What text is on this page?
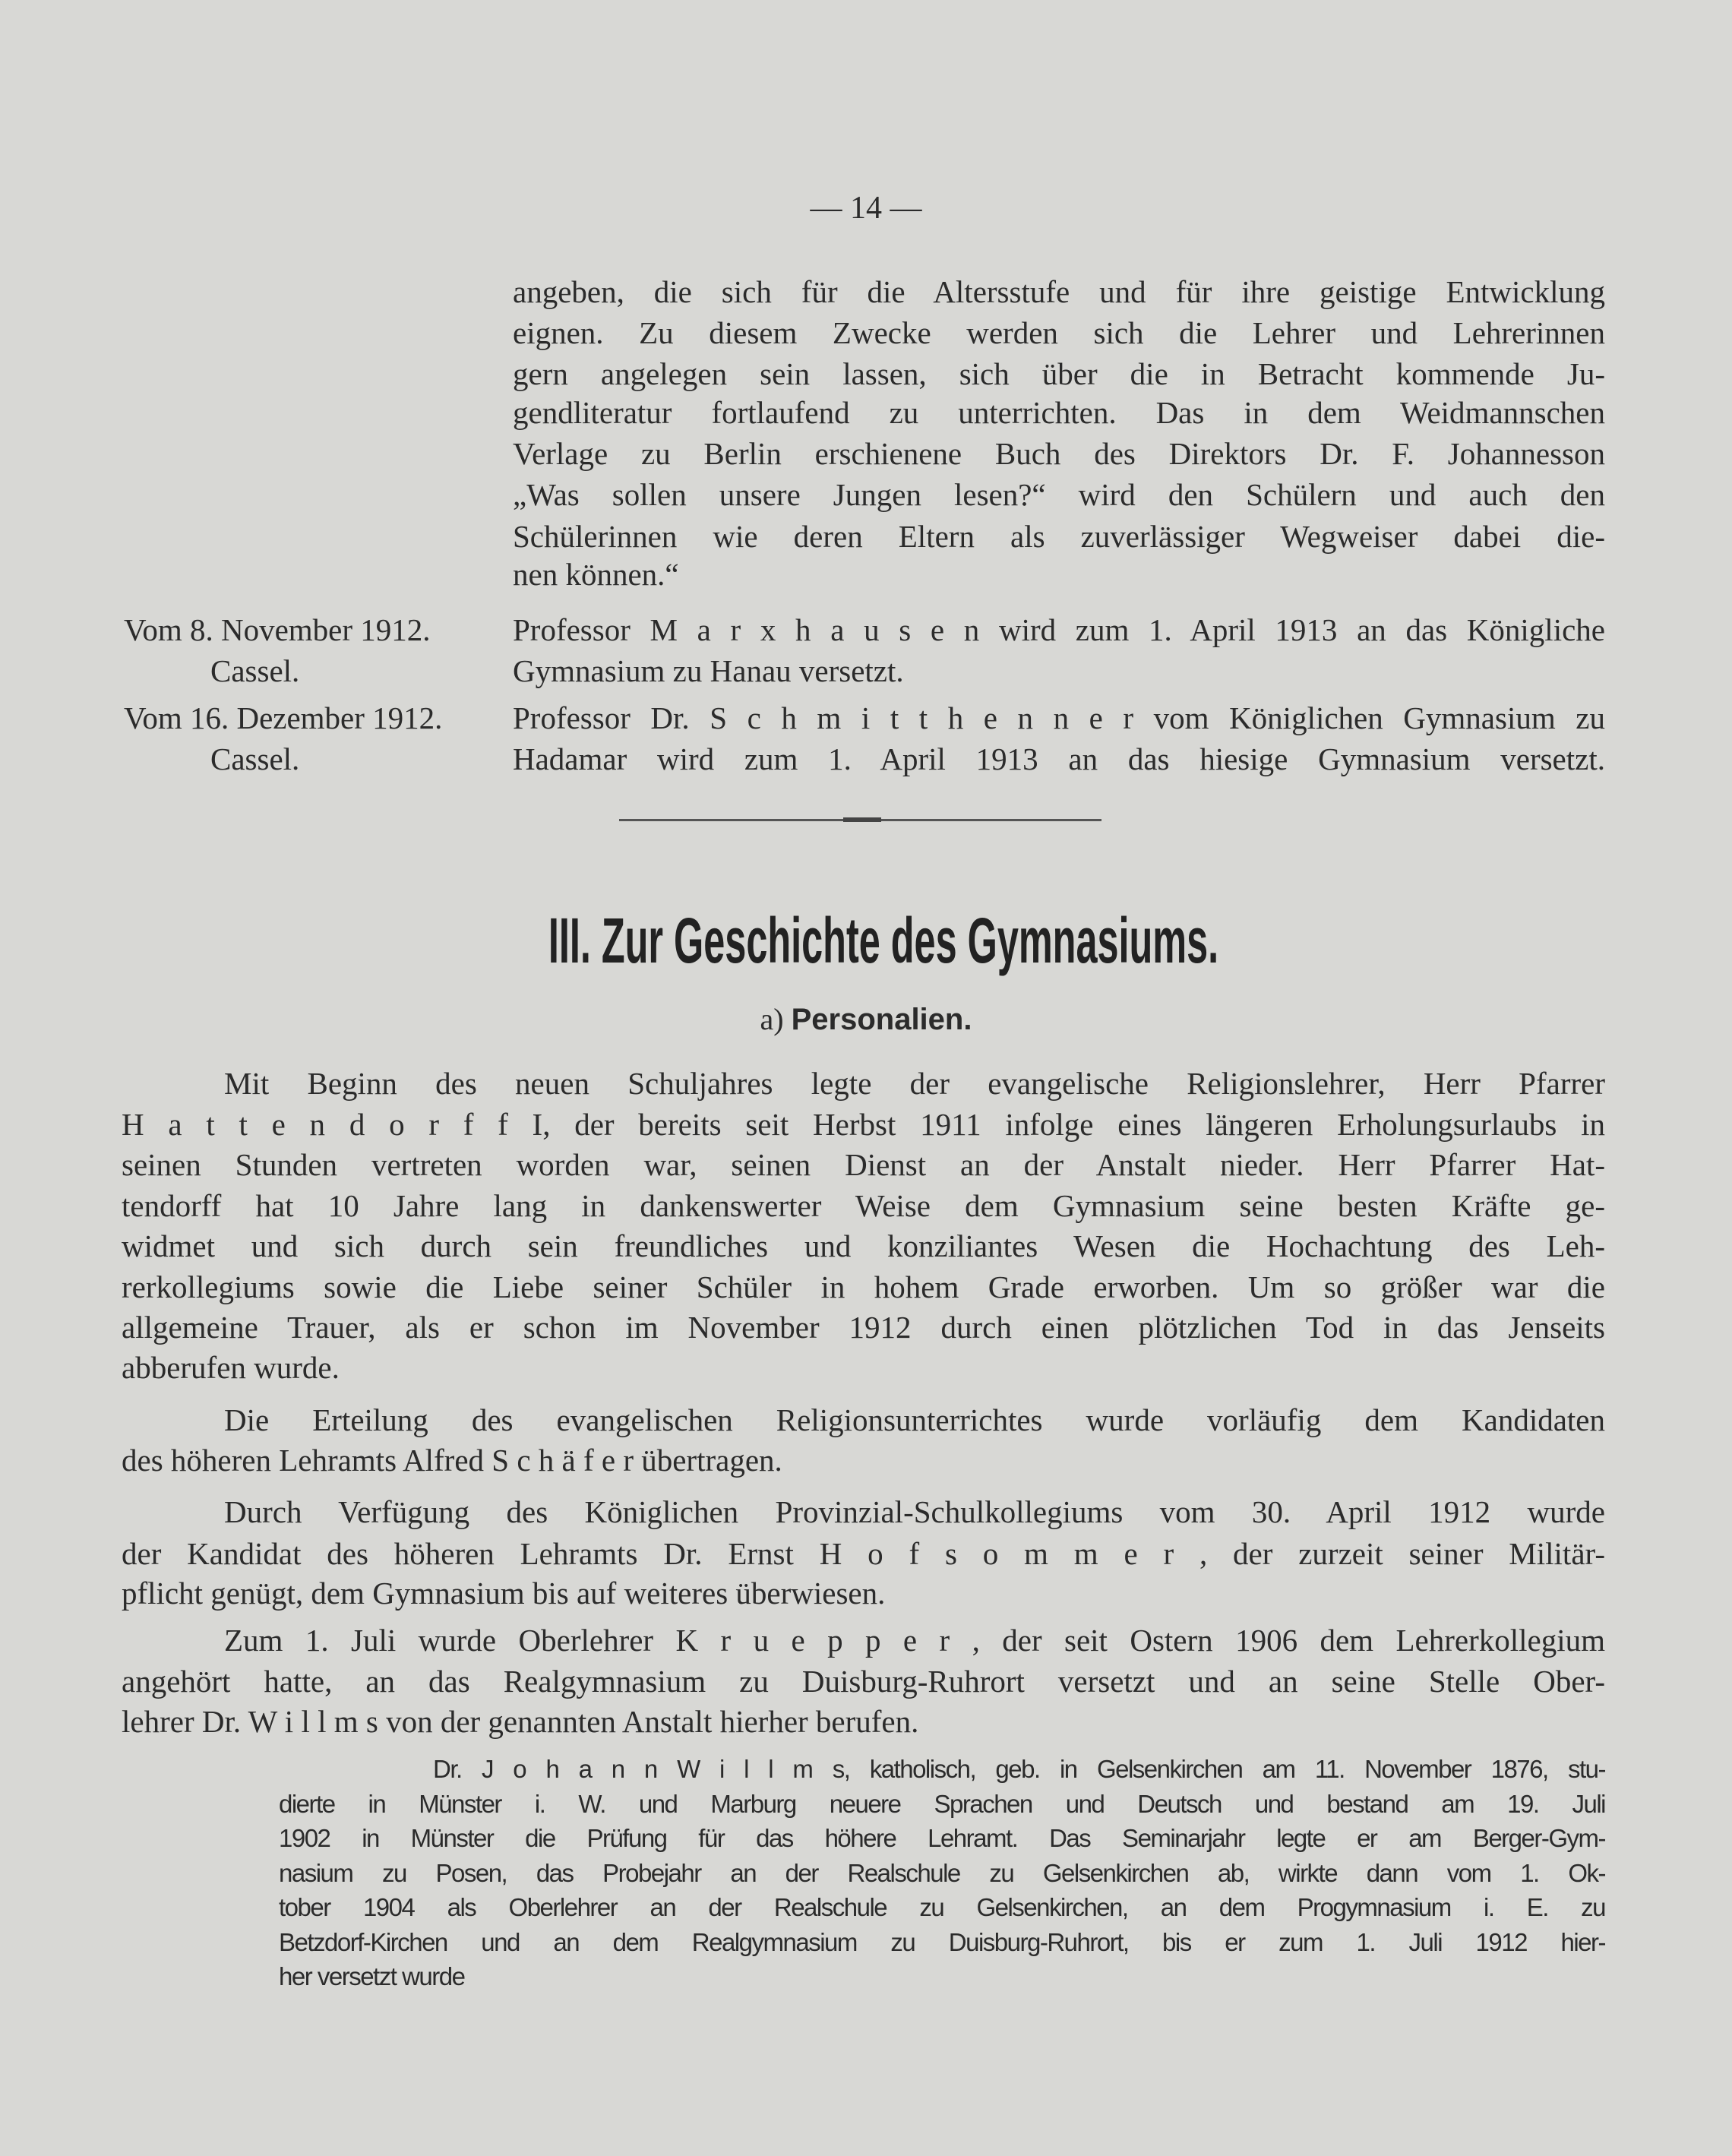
— 14 —
angeben, die sich für die Altersstufe und für ihre geistige Entwicklung
eignen. Zu diesem Zwecke werden sich die Lehrer und Lehrerinnen
gern angelegen sein lassen, sich über die in Betracht kommende Ju-
gendliteratur fortlaufend zu unterrichten. Das in dem Weidmannschen
Verlage zu Berlin erschienene Buch des Direktors Dr. F. Johannesson
„Was sollen unsere Jungen lesen?“ wird den Schülern und auch den
Schülerinnen wie deren Eltern als zuverlässiger Wegweiser dabei die-
nen können.“
Vom 8. November 1912.
Cassel.
Professor M a r x h a u s e n wird zum 1. April 1913 an das Königliche
Gymnasium zu Hanau versetzt.
Vom 16. Dezember 1912.
Cassel.
Professor Dr. S c h m i t t h e n n e r vom Königlichen Gymnasium zu
Hadamar wird zum 1. April 1913 an das hiesige Gymnasium versetzt.
Mit Beginn des neuen Schuljahres legte der evangelische Religionslehrer, Herr Pfarrer
H a t t e n d o r f f I, der bereits seit Herbst 1911 infolge eines längeren Erholungsurlaubs in
seinen Stunden vertreten worden war, seinen Dienst an der Anstalt nieder. Herr Pfarrer Hat-
tendorff hat 10 Jahre lang in dankenswerter Weise dem Gymnasium seine besten Kräfte ge-
widmet und sich durch sein freundliches und konziliantes Wesen die Hochachtung des Leh-
rerkollegiums sowie die Liebe seiner Schüler in hohem Grade erworben. Um so größer war die
allgemeine Trauer, als er schon im November 1912 durch einen plötzlichen Tod in das Jenseits
abberufen wurde.
Die Erteilung des evangelischen Religionsunterrichtes wurde vorläufig dem Kandidaten
des höheren Lehramts Alfred S c h ä f e r übertragen.
Durch Verfügung des Königlichen Provinzial-Schulkollegiums vom 30. April 1912 wurde
der Kandidat des höheren Lehramts Dr. Ernst H o f s o m m e r , der zurzeit seiner Militär-
pflicht genügt, dem Gymnasium bis auf weiteres überwiesen.
Zum 1. Juli wurde Oberlehrer K r u e p p e r , der seit Ostern 1906 dem Lehrerkollegium
angehört hatte, an das Realgymnasium zu Duisburg-Ruhrort versetzt und an seine Stelle Ober-
lehrer Dr. W i l l m s von der genannten Anstalt hierher berufen.
Dr. J o h a n n W i l l m s, katholisch, geb. in Gelsenkirchen am 11. November 1876, stu-
dierte in Münster i. W. und Marburg neuere Sprachen und Deutsch und bestand am 19. Juli
1902 in Münster die Prüfung für das höhere Lehramt. Das Seminarjahr legte er am Berger-Gym-
nasium zu Posen, das Probejahr an der Realschule zu Gelsenkirchen ab, wirkte dann vom 1. Ok-
tober 1904 als Oberlehrer an der Realschule zu Gelsenkirchen, an dem Progymnasium i. E. zu
Betzdorf-Kirchen und an dem Realgymnasium zu Duisburg-Ruhrort, bis er zum 1. Juli 1912 hier-
her versetzt wurde
III. Zur Geschichte des Gymnasiums.
a) Personalien.
